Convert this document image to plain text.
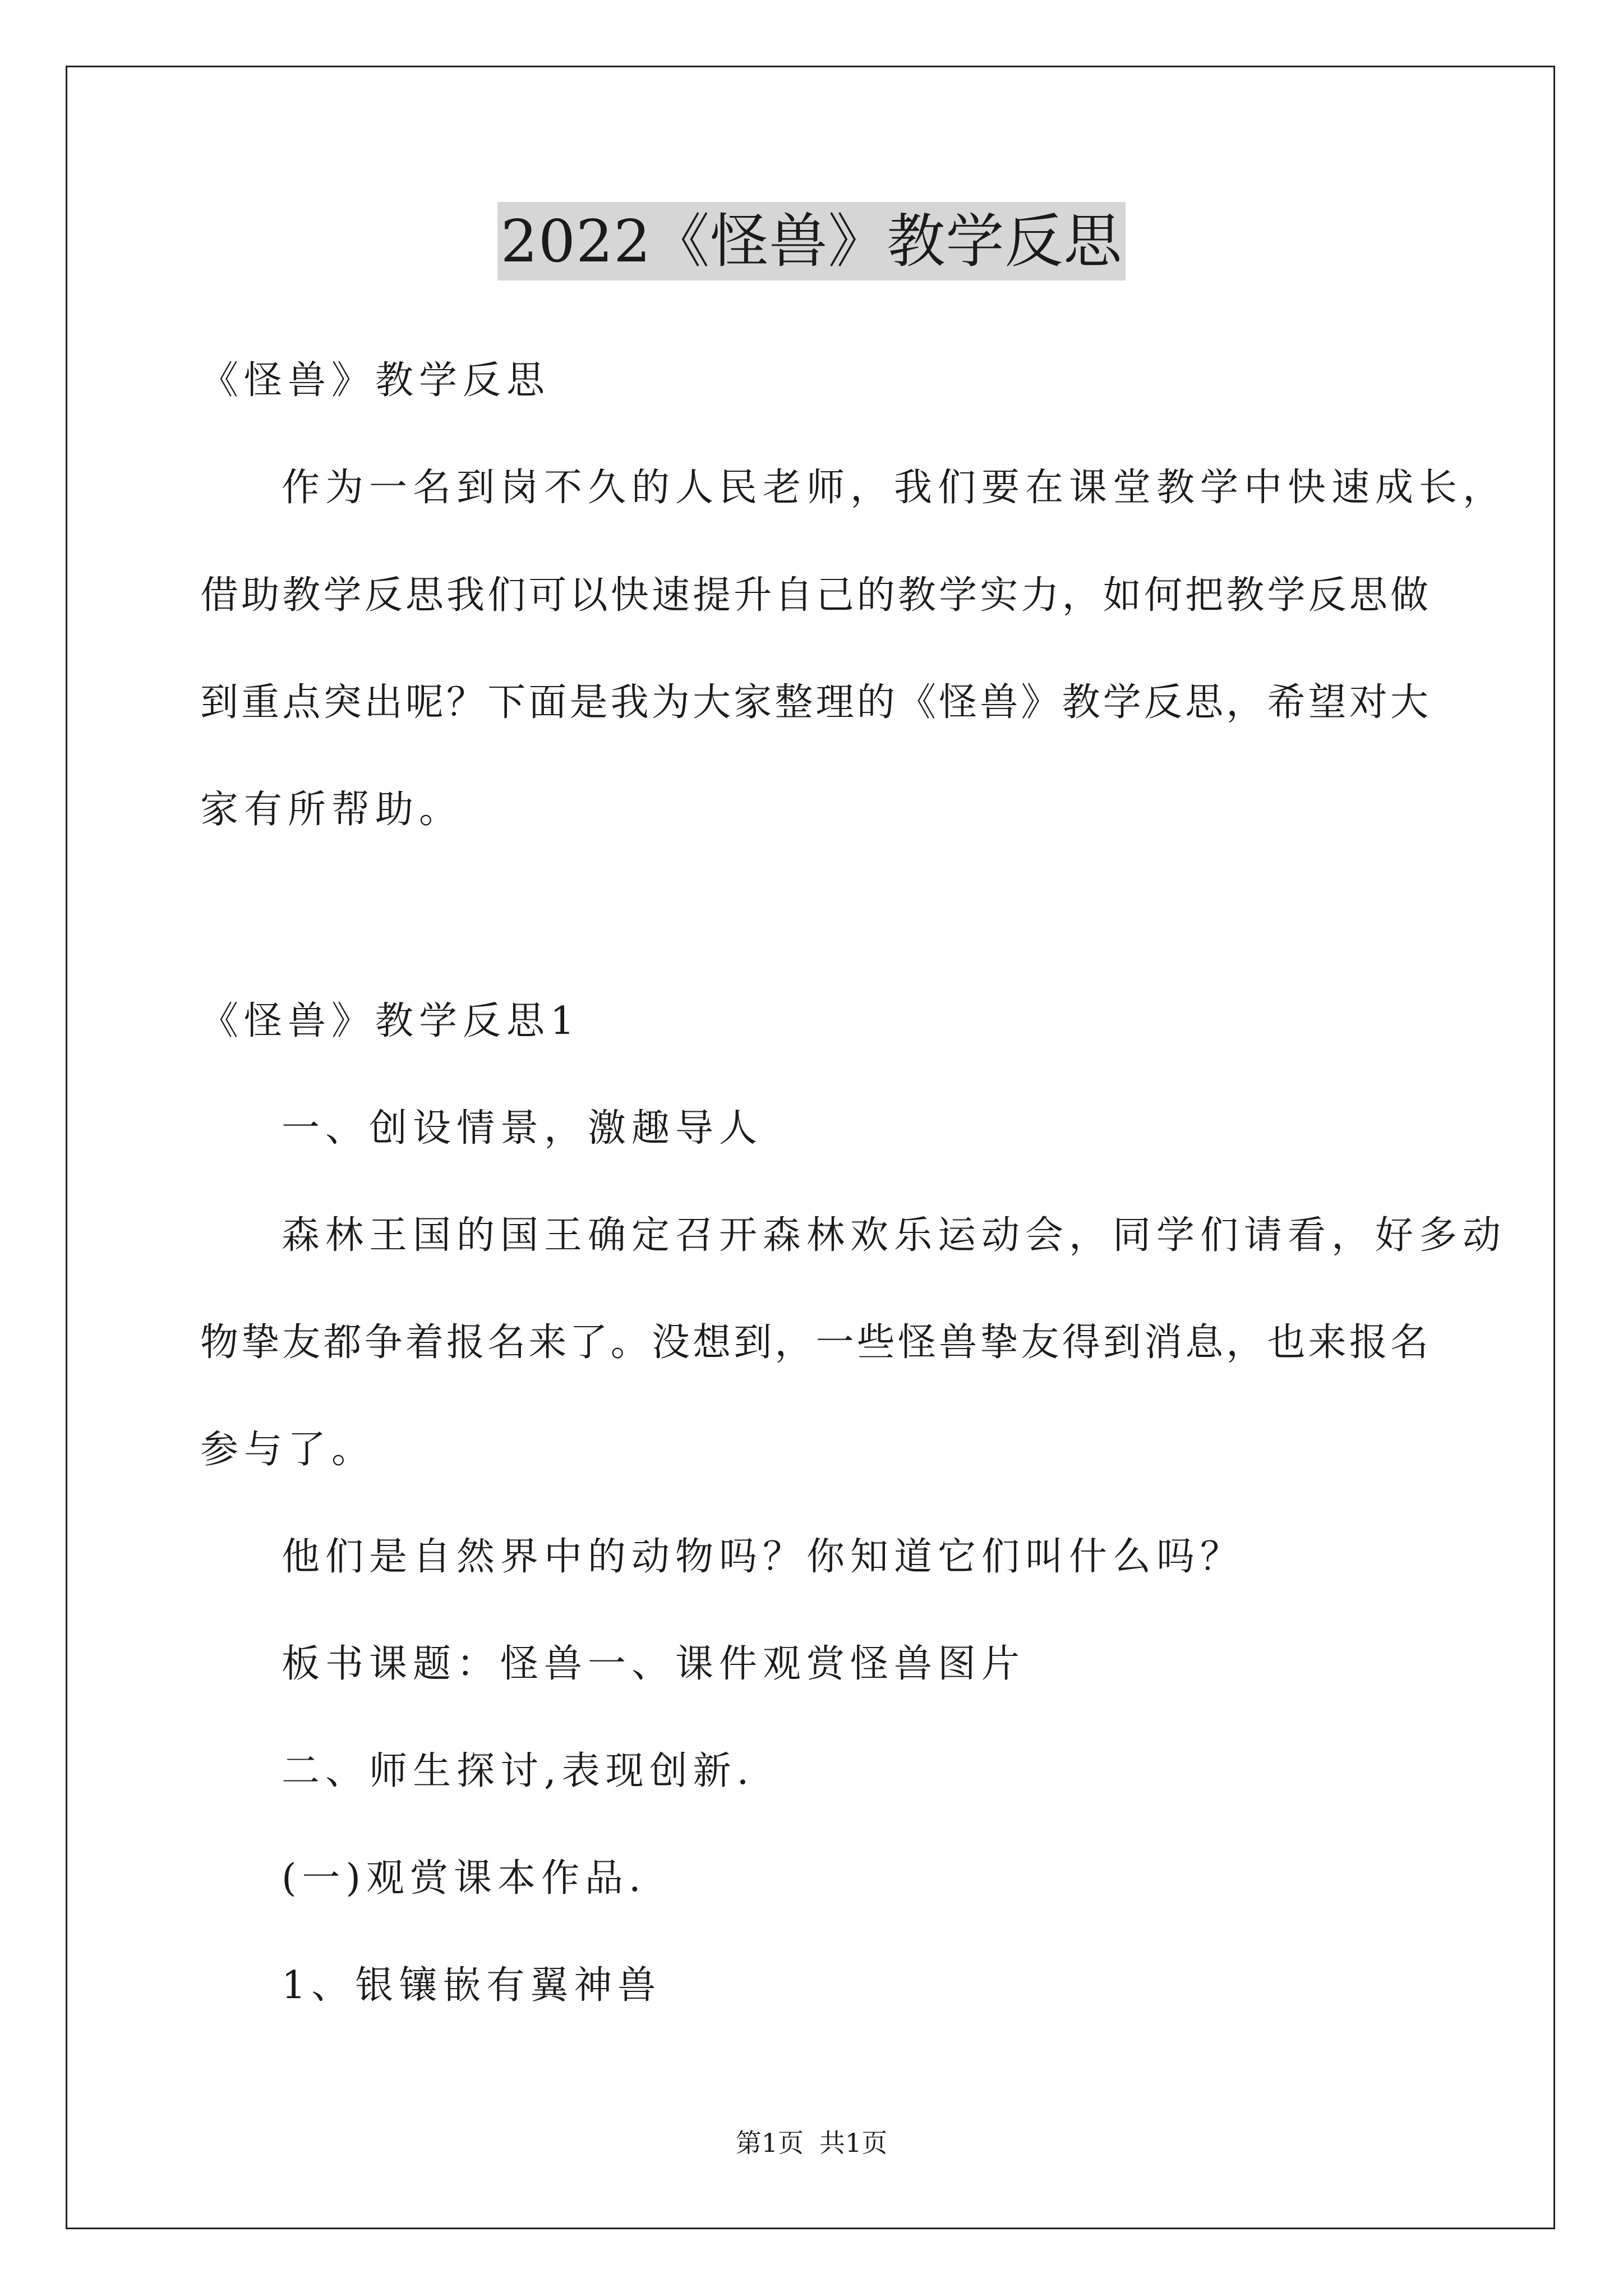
2022《怪兽》教学反思
《怪兽》教学反思
作为一名到岗不久的人民老师，我们要在课堂教学中快速成长，
借助教学反思我们可以快速提升自己的教学实力，如何把教学反思做
到重点突出呢？下面是我为大家整理的《怪兽》教学反思，希望对大
家有所帮助。
《怪兽》教学反思1
一、创设情景，激趣导人
森林王国的国王确定召开森林欢乐运动会，同学们请看，好多动
物挚友都争着报名来了。没想到，一些怪兽挚友得到消息，也来报名
参与了。
他们是自然界中的动物吗？你知道它们叫什么吗？
板书课题：怪兽一、课件观赏怪兽图片
二、师生探讨,表现创新.
(一)观赏课本作品.
1、银镶嵌有翼神兽
第1页 共1页
